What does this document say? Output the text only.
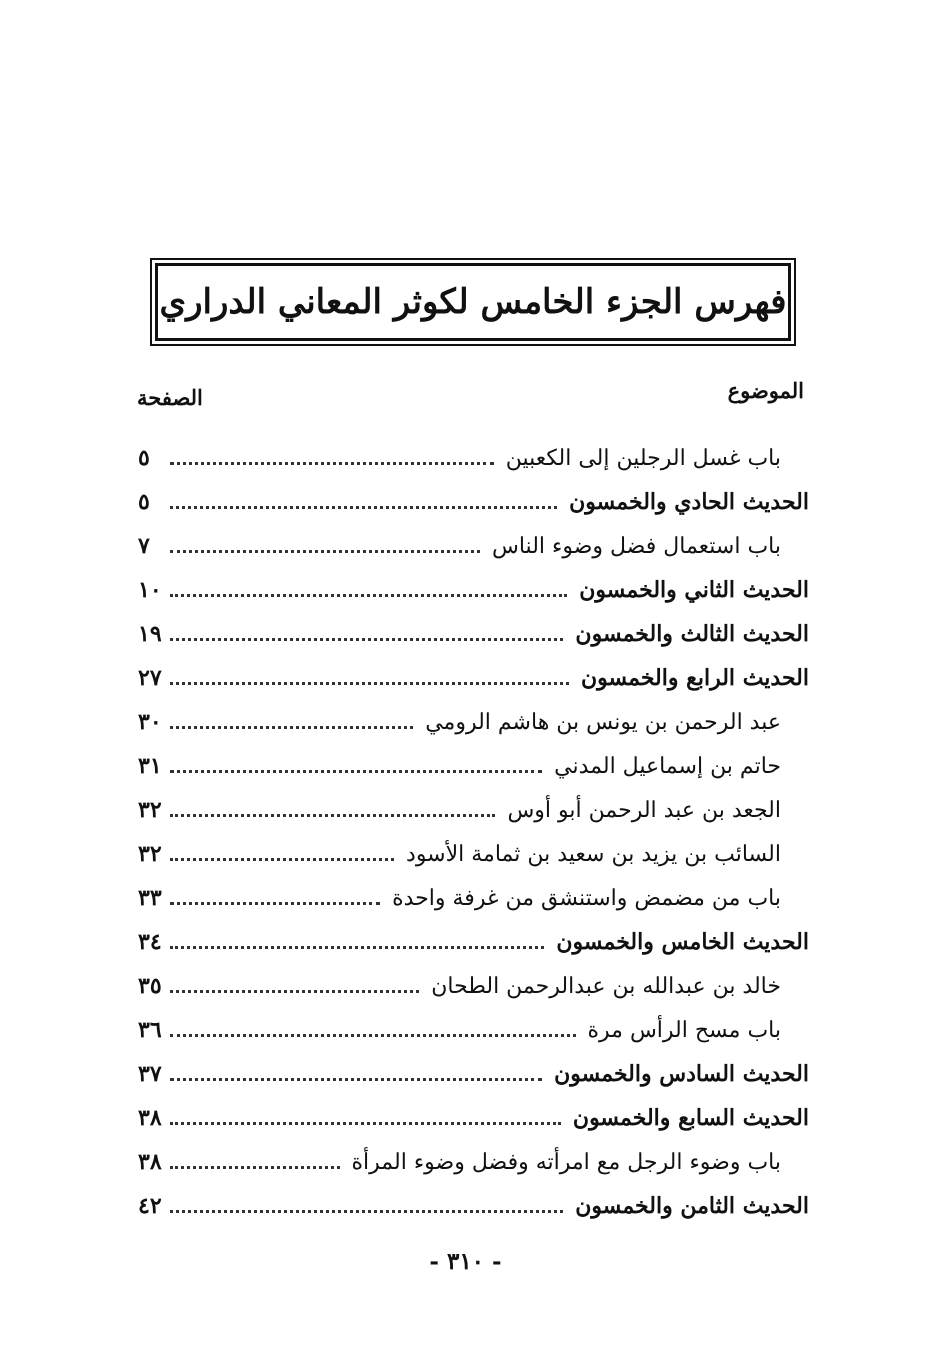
فهرس الجزء الخامس لكوثر المعاني الدراري
الموضوع
الصفحة
باب غسل الرجلين إلى الكعبين
٥
الحديث الحادي والخمسون
٥
باب استعمال فضل وضوء الناس
٧
الحديث الثاني والخمسون
١٠
الحديث الثالث والخمسون
١٩
الحديث الرابع والخمسون
٢٧
عبد الرحمن بن يونس بن هاشم الرومي
٣٠
حاتم بن إسماعيل المدني
٣١
الجعد بن عبد الرحمن أبو أوس
٣٢
السائب بن يزيد بن سعيد بن ثمامة الأسود
٣٢
باب من مضمض واستنشق من غرفة واحدة
٣٣
الحديث الخامس والخمسون
٣٤
خالد بن عبدالله بن عبدالرحمن الطحان
٣٥
باب مسح الرأس مرة
٣٦
الحديث السادس والخمسون
٣٧
الحديث السابع والخمسون
٣٨
باب وضوء الرجل مع امرأته وفضل وضوء المرأة
٣٨
الحديث الثامن والخمسون
٤٢
- ٣١٠ -
